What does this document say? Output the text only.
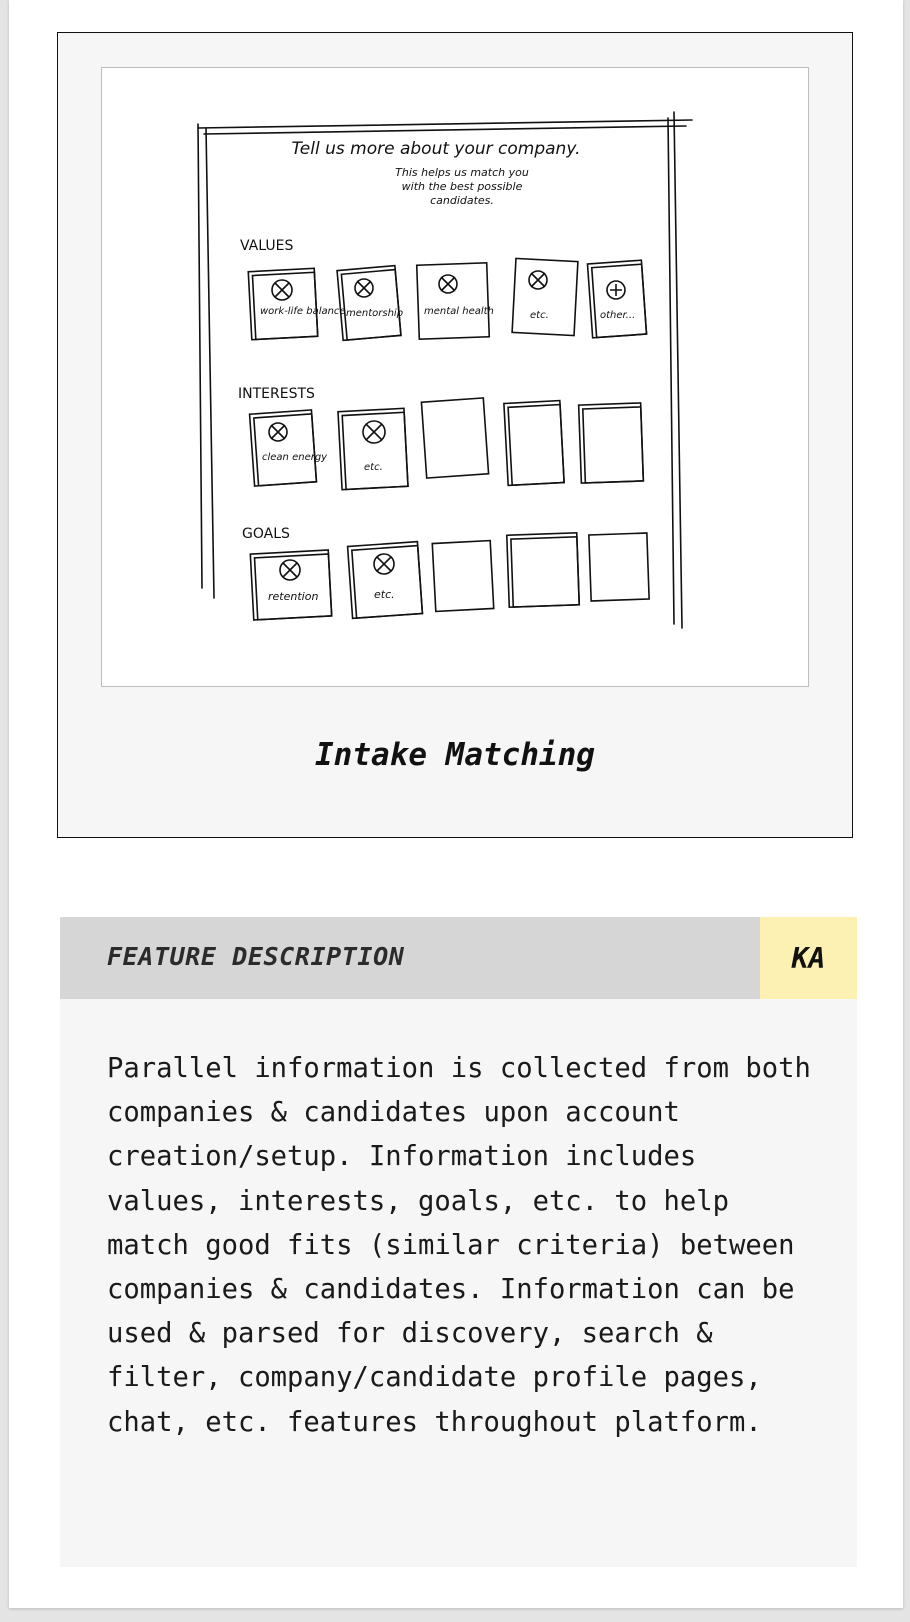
Tell us more about your company.
This helps us match you
with the best possible
candidates.
VALUES
INTERESTS
GOALS
work-life balance mentorship mental health	etc.	other...
clean energy
etc.
retention	etc.

Intake Matching

FEATURE DESCRIPTION	KA

Parallel information is collected from both companies & candidates upon account creation/setup. Information includes values, interests, goals, etc. to help match good fits (similar criteria) between companies & candidates. Information can be used & parsed for discovery, search & filter, company/candidate profile pages, chat, etc. features throughout platform.
